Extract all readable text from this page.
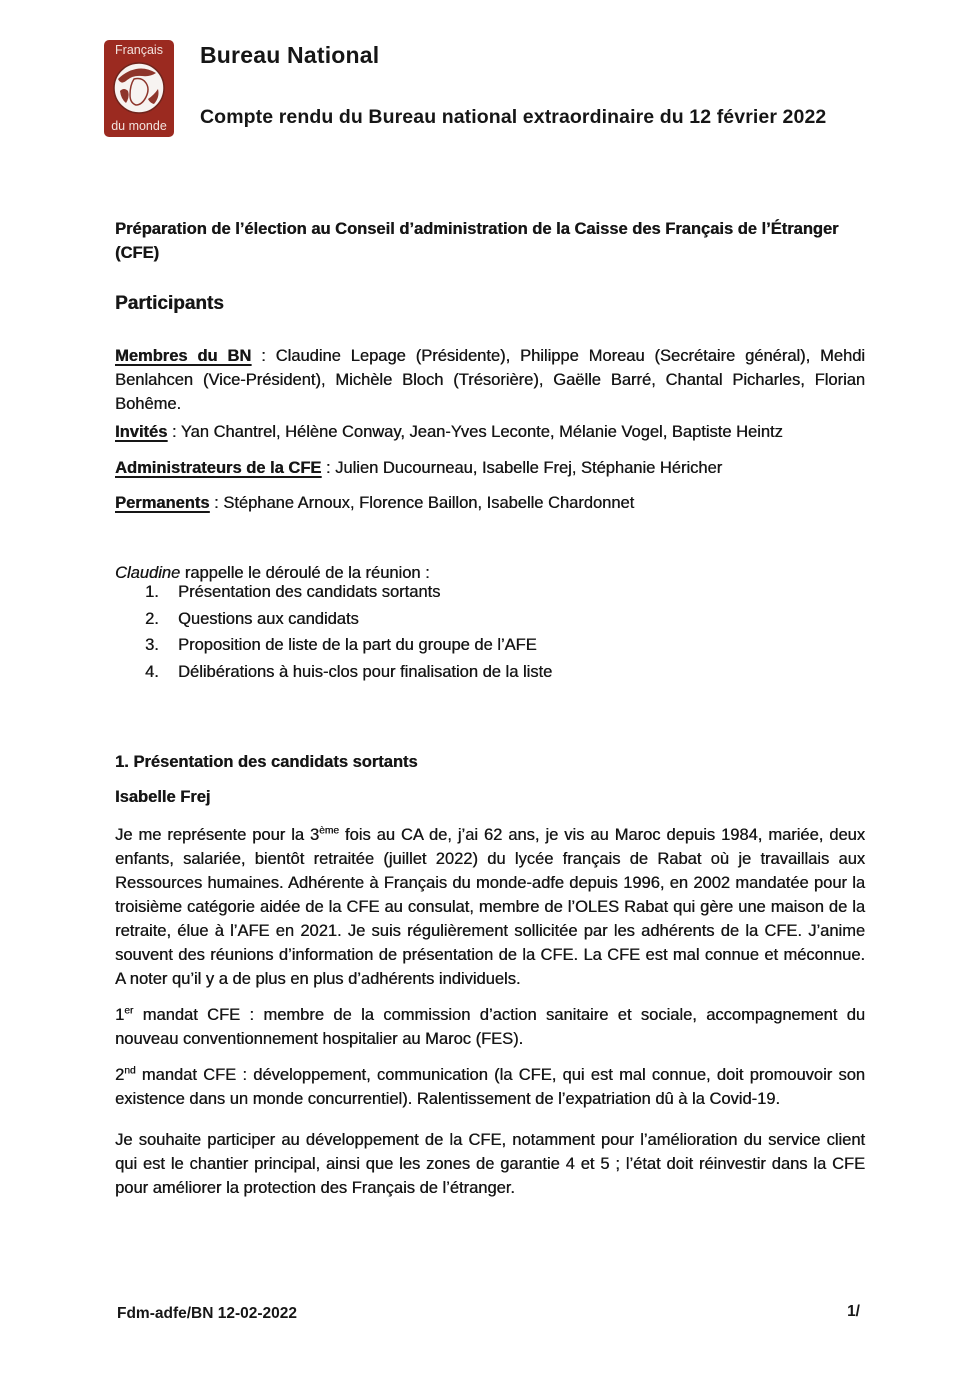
Français
du monde
Bureau National
Compte rendu du Bureau national extraordinaire du 12 février 2022

Préparation de l’élection au Conseil d’administration de la Caisse des Français de l’Étranger (CFE)

Participants

Membres du BN : Claudine Lepage (Présidente), Philippe Moreau (Secrétaire général), Mehdi Benlahcen (Vice-Président), Michèle Bloch (Trésorière), Gaëlle Barré, Chantal Picharles, Florian Bohême.

Invités : Yan Chantrel, Hélène Conway, Jean-Yves Leconte, Mélanie Vogel, Baptiste Heintz

Administrateurs de la CFE : Julien Ducourneau, Isabelle Frej, Stéphanie Héricher

Permanents : Stéphane Arnoux, Florence Baillon, Isabelle Chardonnet

Claudine rappelle le déroulé de la réunion :

1.	Présentation des candidats sortants
2.	Questions aux candidats
3.	Proposition de liste de la part du groupe de l’AFE
4.	Délibérations à huis-clos pour finalisation de la liste

1. Présentation des candidats sortants

Isabelle Frej

Je me représente pour la 3ème fois au CA de, j’ai 62 ans, je vis au Maroc depuis 1984, mariée, deux enfants, salariée, bientôt retraitée (juillet 2022) du lycée français de Rabat où je travaillais aux Ressources humaines. Adhérente à Français du monde-adfe depuis 1996, en 2002 mandatée pour la troisième catégorie aidée de la CFE au consulat, membre de l’OLES Rabat qui gère une maison de la retraite, élue à l’AFE en 2021. Je suis régulièrement sollicitée par les adhérents de la CFE. J’anime souvent des réunions d’information de présentation de la CFE. La CFE est mal connue et méconnue. A noter qu’il y a de plus en plus d’adhérents individuels.

1er mandat CFE : membre de la commission d’action sanitaire et sociale, accompagnement du nouveau conventionnement hospitalier au Maroc (FES).

2nd mandat CFE : développement, communication (la CFE, qui est mal connue, doit promouvoir son existence dans un monde concurrentiel). Ralentissement de l’expatriation dû à la Covid-19.

Je souhaite participer au développement de la CFE, notamment pour l’amélioration du service client qui est le chantier principal, ainsi que les zones de garantie 4 et 5 ; l’état doit réinvestir dans la CFE pour améliorer la protection des Français de l’étranger.

Fdm-adfe/BN 12-02-2022	1/
